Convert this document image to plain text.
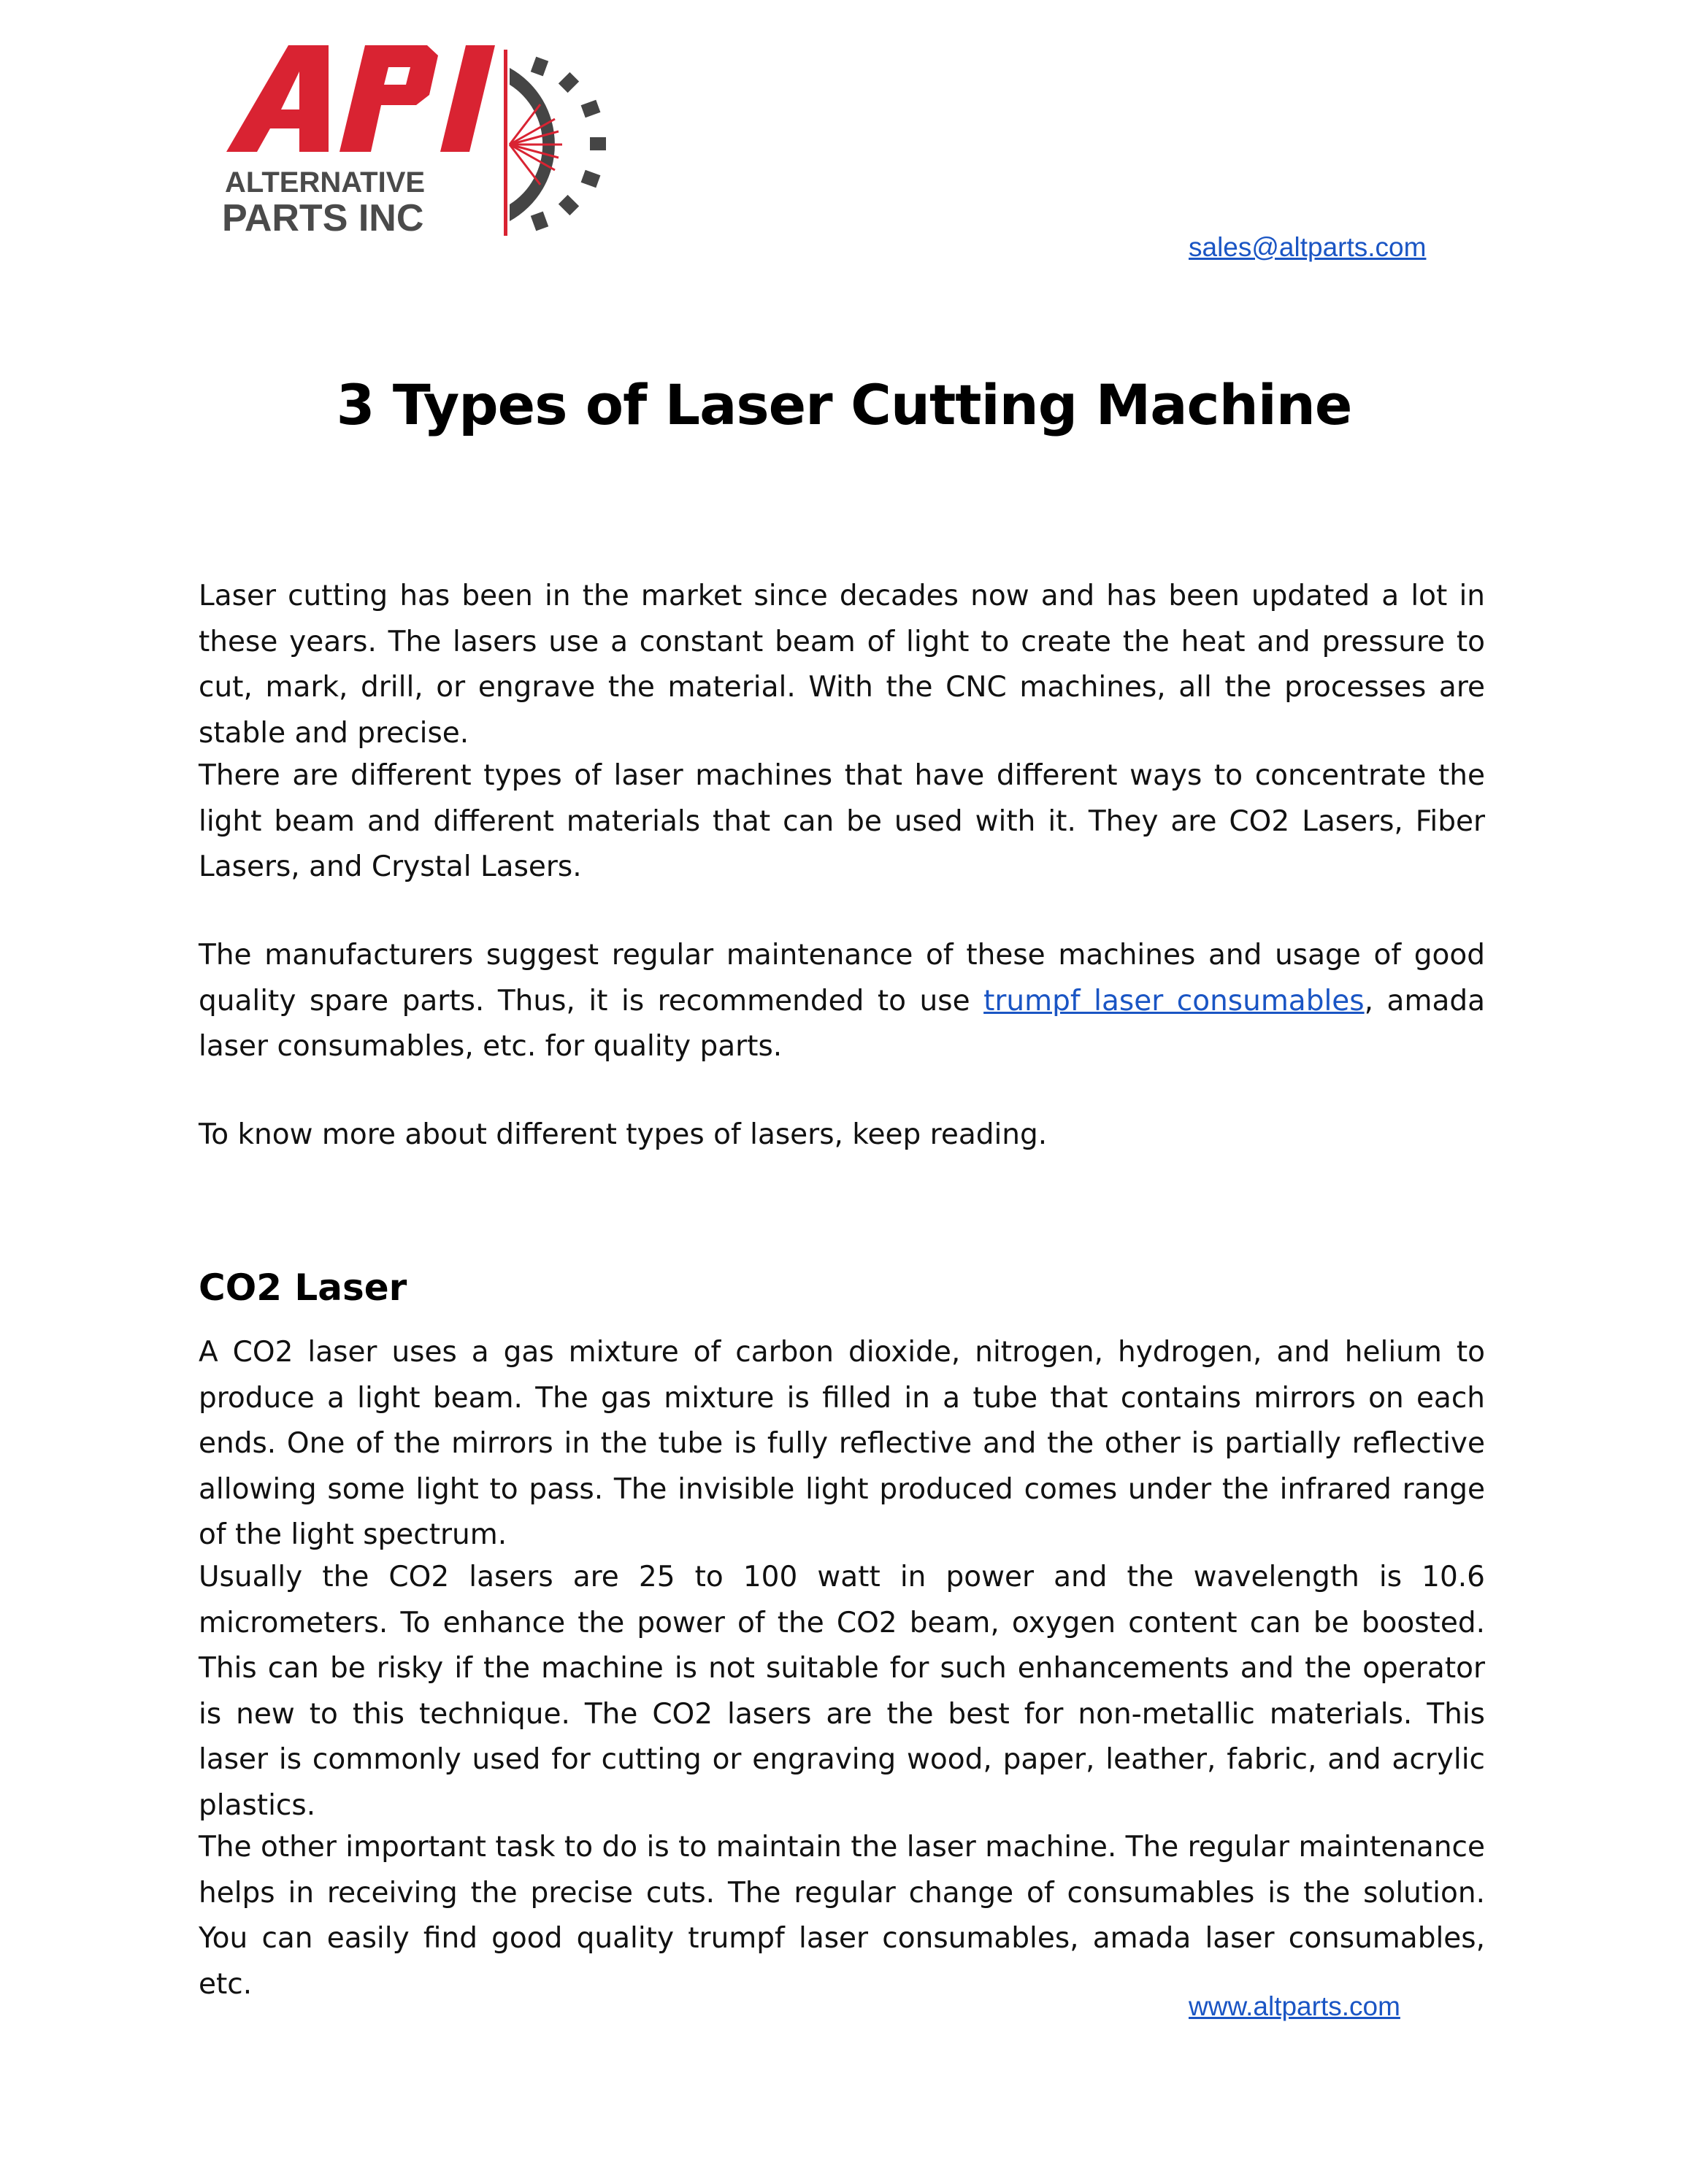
ALTERNATIVE
PARTS INC
sales@altparts.com
3 Types of Laser Cutting Machine

Laser cutting has been in the market since decades now and has been updated a lot in these years. The lasers use a constant beam of light to create the heat and pressure to cut, mark, drill, or engrave the material. With the CNC machines, all the processes are stable and precise.

There are different types of laser machines that have different ways to concentrate the light beam and different materials that can be used with it. They are CO2 Lasers, Fiber Lasers, and Crystal Lasers.

The manufacturers suggest regular maintenance of these machines and usage of good quality spare parts. Thus, it is recommended to use trumpf laser consumables, amada laser consumables, etc. for quality parts.

To know more about different types of lasers, keep reading.

CO2 Laser

A CO2 laser uses a gas mixture of carbon dioxide, nitrogen, hydrogen, and helium to produce a light beam. The gas mixture is filled in a tube that contains mirrors on each ends. One of the mirrors in the tube is fully reflective and the other is partially reflective allowing some light to pass. The invisible light produced comes under the infrared range of the light spectrum.

Usually the CO2 lasers are 25 to 100 watt in power and the wavelength is 10.6 micrometers. To enhance the power of the CO2 beam, oxygen content can be boosted. This can be risky if the machine is not suitable for such enhancements and the operator is new to this technique. The CO2 lasers are the best for non-metallic materials. This laser is commonly used for cutting or engraving wood, paper, leather, fabric, and acrylic plastics.

The other important task to do is to maintain the laser machine. The regular maintenance helps in receiving the precise cuts. The regular change of consumables is the solution. You can easily find good quality trumpf laser consumables, amada laser consumables, etc.

www.altparts.com
